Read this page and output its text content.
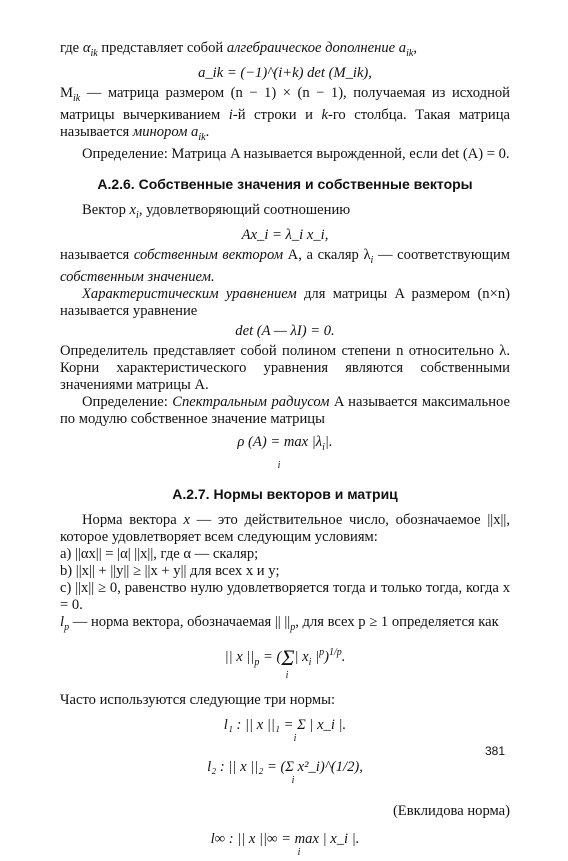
где $\alpha_{ik}$ представляет собой алгебраическое дополнение $a_{ik}$,

a_ik = (−1)^(i+k) det (M_ik),

$M_{ik}$ — матрица размером (n − 1) × (n − 1), получаемая из исходной матрицы вычеркиванием i-й строки и k-го столбца. Такая матрица называется минором $a_{ik}$.

Определение: Матрица A называется вырожденной, если det (A) = 0.

А.2.6. Собственные значения и собственные векторы

Вектор $x_i$, удовлетворяющий соотношению

Ax_i = λ_i x_i,

называется собственным вектором A, а скаляр $\lambda_i$ — соответствующим собственным значением.

Характеристическим уравнением для матрицы A размером (n×n) называется уравнение

det (A — λI) = 0.

Определитель представляет собой полином степени n относительно λ. Корни характеристического уравнения являются собственными значениями матрицы A.

Определение: Спектральным радиусом A называется максимальное по модулю собственное значение матрицы

ρ $(A) = \max |\lambda_i|$.
i

А.2.7. Нормы векторов и матриц

Норма вектора x — это действительное число, обозначаемое ||x||, которое удовлетворяет всем следующим условиям:

a) ||αx|| = |α| ||x||, где α — скаляр;

b) ||x|| + ||y|| ≥ ||x + y|| для всех x и y;

c) ||x|| ≥ 0, равенство нулю удовлетворяется тогда и только тогда, когда x = 0.

$l_p$ — норма вектора, обозначаемая || $||_p$, для всех p ≥ 1 определяется как

|| x $||_p = (\Sigma|$ $x_i$ $|^p)^{1/p}$.
i

Часто используются следующие три нормы:

l₁ : || x ||₁ = Σ | x_i |.
i
l₂ : || x ||₂ = (Σ x²_i)^(1/2),
i

(Евклидова норма)

l∞ : || x ||∞ = max | x_i |.
i
381
